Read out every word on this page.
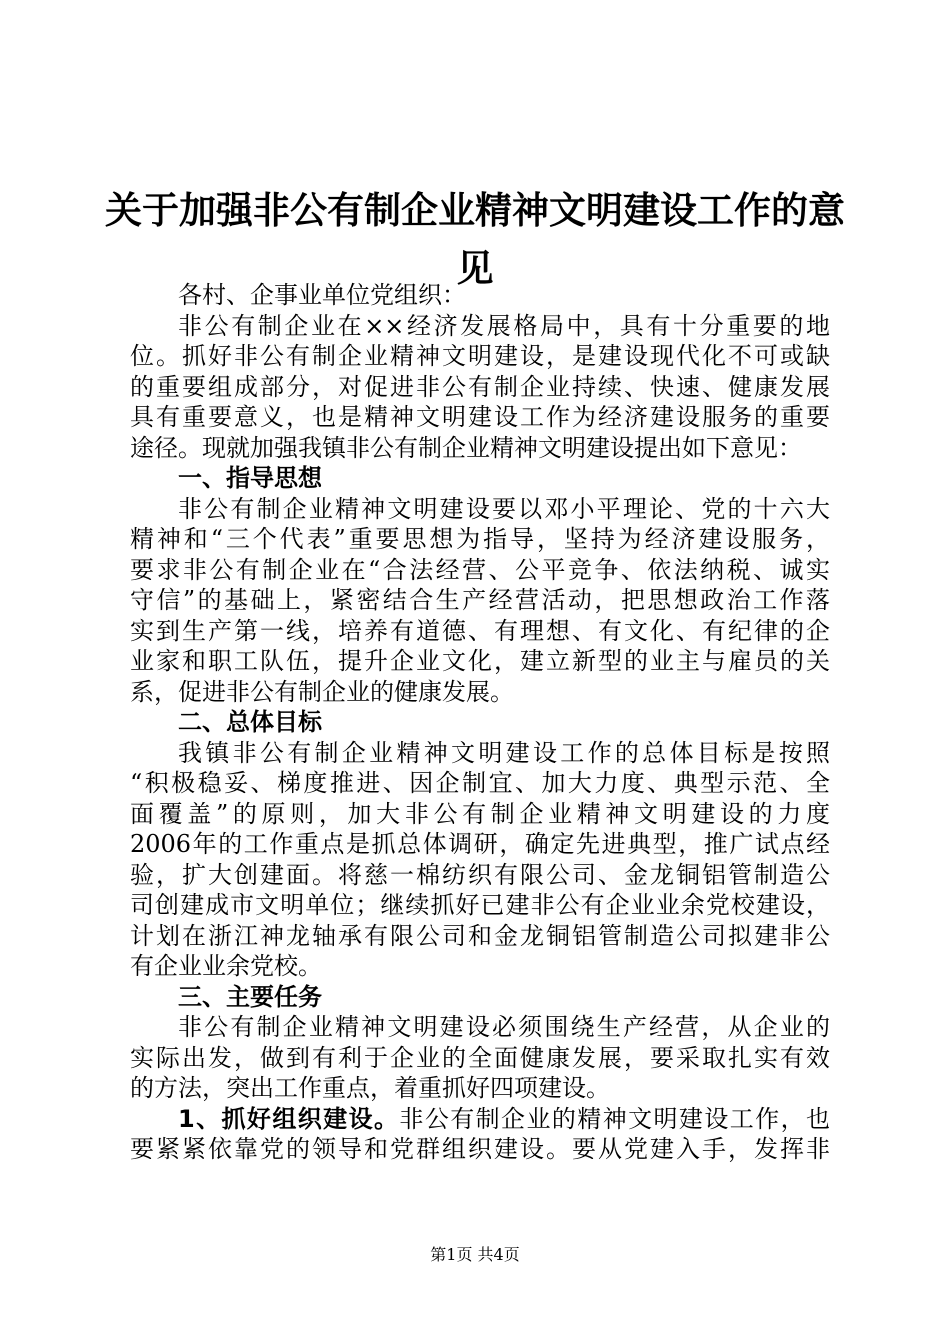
关于加强非公有制企业精神文明建设工作的意
见
各村、企事业单位党组织：
非公有制企业在××经济发展格局中，具有十分重要的地
位。抓好非公有制企业精神文明建设，是建设现代化不可或缺
的重要组成部分，对促进非公有制企业持续、快速、健康发展
具有重要意义，也是精神文明建设工作为经济建设服务的重要
途径。现就加强我镇非公有制企业精神文明建设提出如下意见：
一、指导思想
非公有制企业精神文明建设要以邓小平理论、党的十六大
精神和“三个代表”重要思想为指导，坚持为经济建设服务，
要求非公有制企业在“合法经营、公平竞争、依法纳税、诚实
守信”的基础上，紧密结合生产经营活动，把思想政治工作落
实到生产第一线，培养有道德、有理想、有文化、有纪律的企
业家和职工队伍，提升企业文化，建立新型的业主与雇员的关
系，促进非公有制企业的健康发展。
二、总体目标
我镇非公有制企业精神文明建设工作的总体目标是按照
“积极稳妥、梯度推进、因企制宜、加大力度、典型示范、全
面覆盖”的原则，加大非公有制企业精神文明建设的力度
2006年的工作重点是抓总体调研，确定先进典型，推广试点经
验，扩大创建面。将慈一棉纺织有限公司、金龙铜铝管制造公
司创建成市文明单位；继续抓好已建非公有企业业余党校建设，
计划在浙江神龙轴承有限公司和金龙铜铝管制造公司拟建非公
有企业业余党校。
三、主要任务
非公有制企业精神文明建设必须围绕生产经营，从企业的
实际出发，做到有利于企业的全面健康发展，要采取扎实有效
的方法，突出工作重点，着重抓好四项建设。
1、抓好组织建设。非公有制企业的精神文明建设工作，也
要紧紧依靠党的领导和党群组织建设。要从党建入手，发挥非
第1页 共4页
